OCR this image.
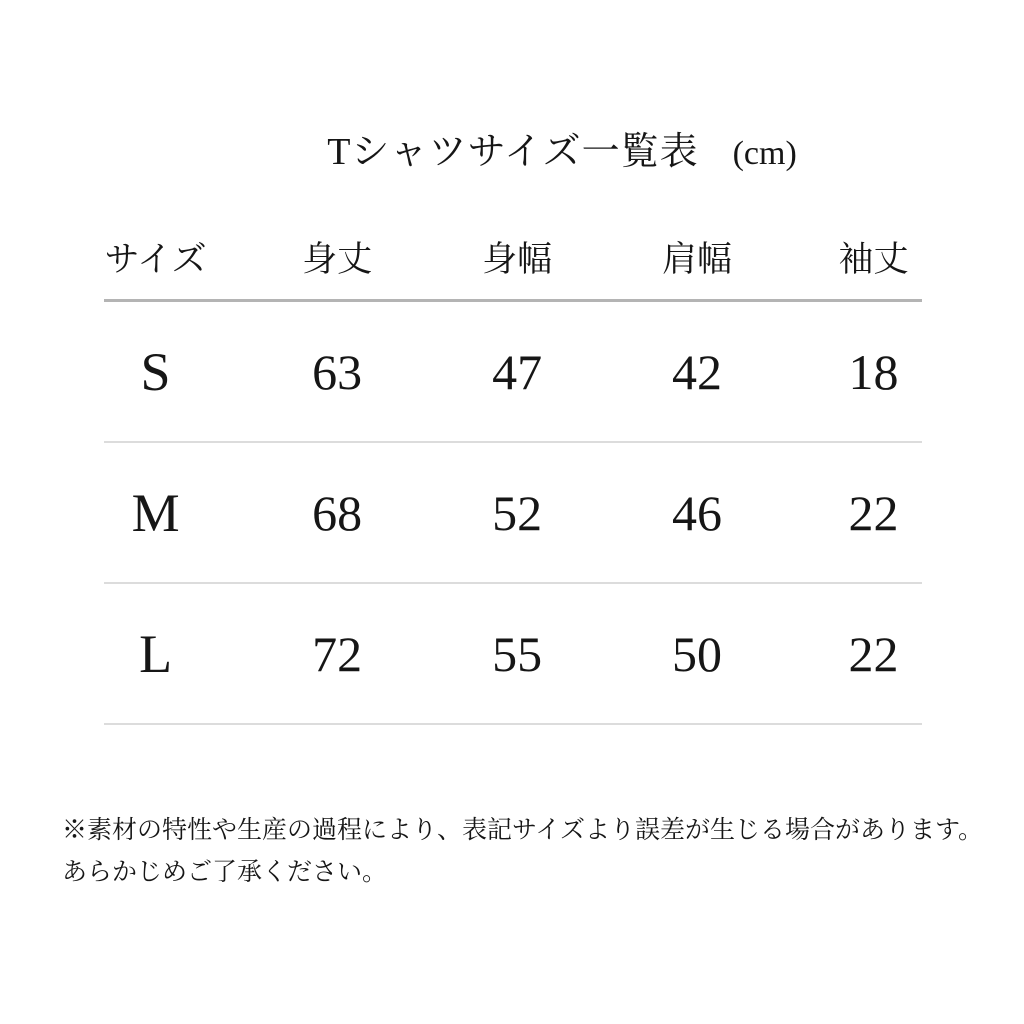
Tシャツサイズ一覧表 (cm)
サイズ	身丈	身幅	肩幅	袖丈
S	63	47	42	18
M	68	52	46	22
L	72	55	50	22
※素材の特性や生産の過程により、表記サイズより誤差が生じる場合があります。
あらかじめご了承ください。
